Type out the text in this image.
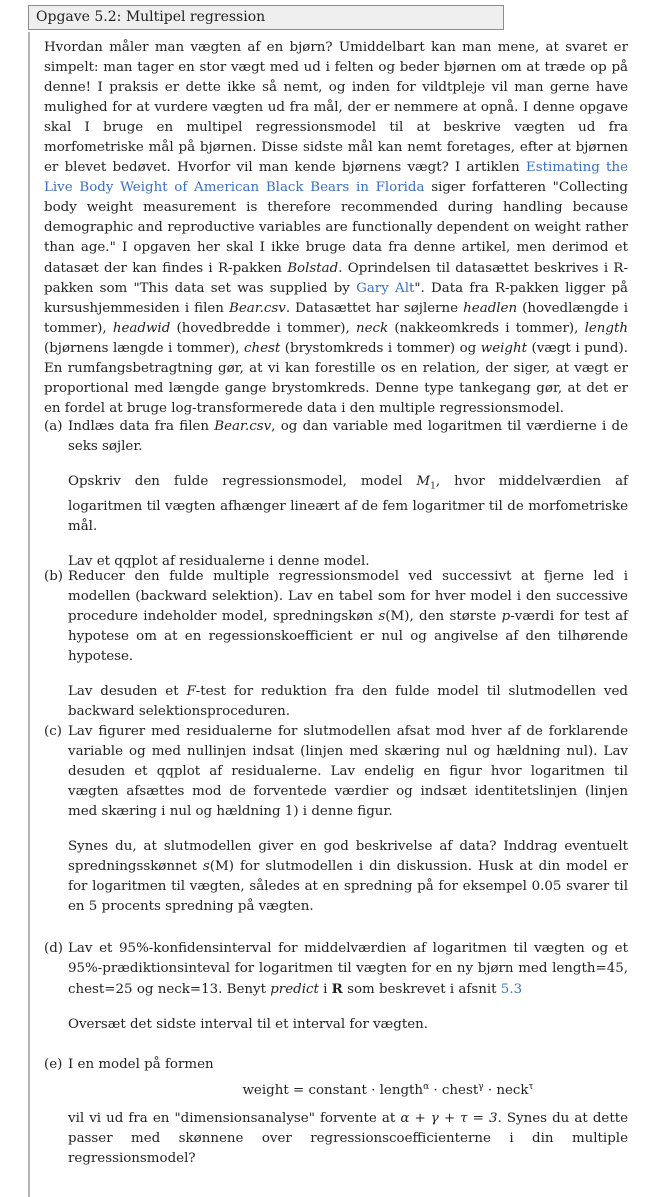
Opgave 5.2: Multipel regression

Hvordan måler man vægten af en bjørn? Umiddelbart kan man mene, at svaret er simpelt: man tager en stor vægt med ud i felten og beder bjørnen om at træde op på denne! I praksis er dette ikke så nemt, og inden for vildtpleje vil man gerne have mulighed for at vurdere vægten ud fra mål, der er nemmere at opnå. I denne opgave skal I bruge en multipel regressionsmodel til at beskrive vægten ud fra morfometriske mål på bjørnen. Disse sidste mål kan nemt foretages, efter at bjørnen er blevet bedøvet. Hvorfor vil man kende bjørnens vægt? I artiklen Estimating the Live Body Weight of American Black Bears in Florida siger forfatteren "Collecting body weight measurement is therefore recommended during handling because demographic and reproductive variables are functionally dependent on weight rather than age." I opgaven her skal I ikke bruge data fra denne artikel, men derimod et datasæt der kan findes i R-pakken Bolstad. Oprindelsen til datasættet beskrives i R-pakken som "This data set was supplied by Gary Alt". Data fra R-pakken ligger på kursushjemmesiden i filen Bear.csv. Datasættet har søjlerne headlen (hovedlængde i tommer), headwid (hovedbredde i tommer), neck (nakkeomkreds i tommer), length (bjørnens længde i tommer), chest (brystomkreds i tommer) og weight (vægt i pund). En rumfangsbetragtning gør, at vi kan forestille os en relation, der siger, at vægt er proportional med længde gange brystomkreds. Denne type tankegang gør, at det er en fordel at bruge log-transformerede data i den multiple regressionsmodel.

(a) Indlæs data fra filen Bear.csv, og dan variable med logaritmen til værdierne i de seks søjler.

Opskriv den fulde regressionsmodel, model $M_1$, hvor middelværdien af logaritmen til vægten afhænger lineært af de fem logaritmer til de morfometriske mål.

Lav et qqplot af residualerne i denne model.

(b) Reducer den fulde multiple regressionsmodel ved successivt at fjerne led i modellen (backward selektion). Lav en tabel som for hver model i den successive procedure indeholder model, spredningskøn s(M), den største p-værdi for test af hypotese om at en regessionskoefficient er nul og angivelse af den tilhørende hypotese.

Lav desuden et F-test for reduktion fra den fulde model til slutmodellen ved backward selektionsproceduren.

(c) Lav figurer med residualerne for slutmodellen afsat mod hver af de forklarende variable og med nullinjen indsat (linjen med skæring nul og hældning nul). Lav desuden et qqplot af residualerne. Lav endelig en figur hvor logaritmen til vægten afsættes mod de forventede værdier og indsæt identitetslinjen (linjen med skæring i nul og hældning 1) i denne figur.

Synes du, at slutmodellen giver en god beskrivelse af data? Inddrag eventuelt spredningsskønnet s(M) for slutmodellen i din diskussion. Husk at din model er for logaritmen til vægten, således at en spredning på for eksempel 0.05 svarer til en 5 procents spredning på vægten.

(d) Lav et 95%-konfidensinterval for middelværdien af logaritmen til vægten og et 95%-prædiktionsinteval for logaritmen til vægten for en ny bjørn med length=45, chest=25 og neck=13. Benyt predict i R som beskrevet i afsnit 5.3

Oversæt det sidste interval til et interval for vægten.

(e) I en model på formen

weight = constant · length$^\alpha$ · chest$^\gamma$ · neck$^\tau$

vil vi ud fra en "dimensionsanalyse" forvente at α + γ + τ = 3. Synes du at dette passer med skønnene over regressionscoefficienterne i din multiple regressionsmodel?
